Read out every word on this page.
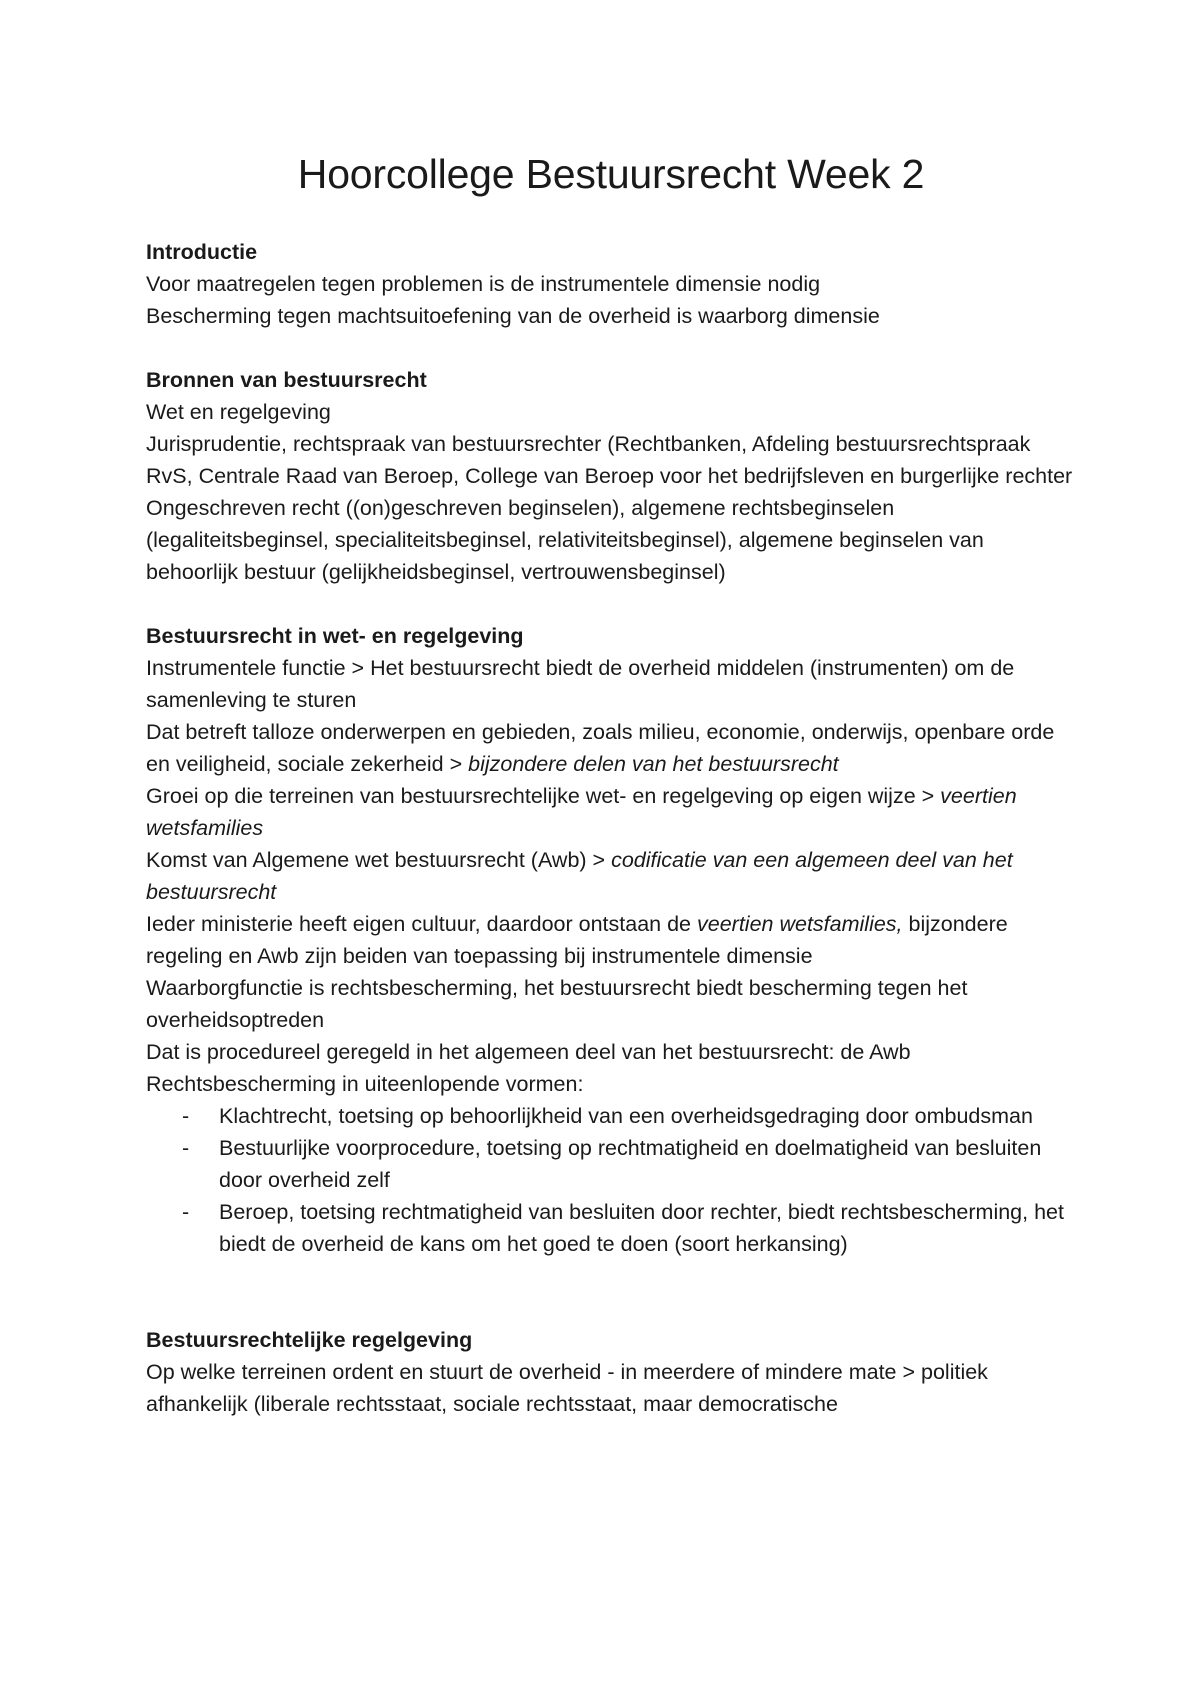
Hoorcollege Bestuursrecht Week 2

Introductie

Voor maatregelen tegen problemen is de instrumentele dimensie nodig

Bescherming tegen machtsuitoefening van de overheid is waarborg dimensie

Bronnen van bestuursrecht

Wet en regelgeving

Jurisprudentie, rechtspraak van bestuursrechter (Rechtbanken, Afdeling bestuursrechtspraak RvS, Centrale Raad van Beroep, College van Beroep voor het bedrijfsleven en burgerlijke rechter

Ongeschreven recht ((on)geschreven beginselen), algemene rechtsbeginselen (legaliteitsbeginsel, specialiteitsbeginsel, relativiteitsbeginsel), algemene beginselen van behoorlijk bestuur (gelijkheidsbeginsel, vertrouwensbeginsel)

Bestuursrecht in wet- en regelgeving

Instrumentele functie > Het bestuursrecht biedt de overheid middelen (instrumenten) om de samenleving te sturen

Dat betreft talloze onderwerpen en gebieden, zoals milieu, economie, onderwijs, openbare orde en veiligheid, sociale zekerheid > bijzondere delen van het bestuursrecht

Groei op die terreinen van bestuursrechtelijke wet- en regelgeving op eigen wijze > veertien wetsfamilies

Komst van Algemene wet bestuursrecht (Awb) > codificatie van een algemeen deel van het bestuursrecht

Ieder ministerie heeft eigen cultuur, daardoor ontstaan de veertien wetsfamilies, bijzondere regeling en Awb zijn beiden van toepassing bij instrumentele dimensie

Waarborgfunctie is rechtsbescherming, het bestuursrecht biedt bescherming tegen het overheidsoptreden

Dat is procedureel geregeld in het algemeen deel van het bestuursrecht: de Awb

Rechtsbescherming in uiteenlopende vormen:

- Klachtrecht, toetsing op behoorlijkheid van een overheidsgedraging door ombudsman
- Bestuurlijke voorprocedure, toetsing op rechtmatigheid en doelmatigheid van besluiten door overheid zelf
- Beroep, toetsing rechtmatigheid van besluiten door rechter, biedt rechtsbescherming, het biedt de overheid de kans om het goed te doen (soort herkansing)

Bestuursrechtelijke regelgeving

Op welke terreinen ordent en stuurt de overheid - in meerdere of mindere mate > politiek afhankelijk (liberale rechtsstaat, sociale rechtsstaat, maar democratische
